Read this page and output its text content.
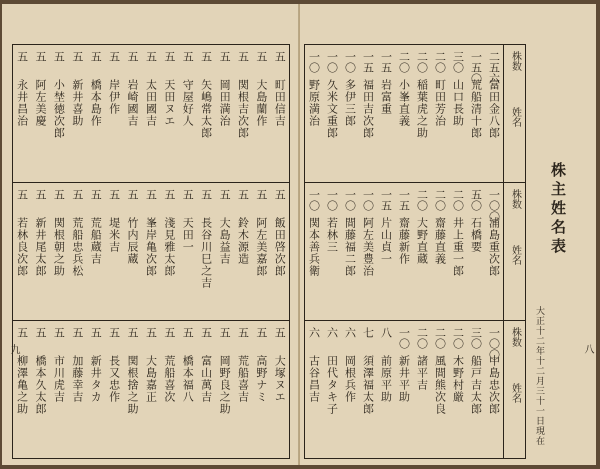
株数
姓名
二五六
富田金八郎
一五〇
荒船清十郎
三〇
山口長助
二〇
町田芳治
二〇
稲葉虎之助
二〇
小峯直義
一五
岩富重
一五
福田吉次郎
一〇
多伊三郎
一〇
久米文重郎
一〇
野原満治
株数
姓名
一〇〇
浦島重次郎
五〇
石橋要
二〇
井上重一郎
二〇
齋藤直義
二〇
大野直蔵
一五
齋藤新作
一五
片山貞一
一〇
阿左美豊治
一〇
間藤福二郎
一〇
若林三
一〇
関本善兵衛
株数
姓名
一〇〇
中島忠次郎
三〇
船戸吉太郎
二〇
木野村厳
二〇
風間熊次良
二〇
諸平吉
一〇
新井平助
八
前原平助
七
須澤福太郎
六
岡根兵作
六
田代タキ子
六
古谷昌吉
株主姓名表
大正十二年十二月三十一日現在	八
五
町田信吉
五
大島蘭作
五
関根吉次郎
五
岡田満治
五
矢嶋常太郎
五
守屋好人
五
天田ヌエ
五
太田國吉
五
岩崎國吉
五
岸伊作
五
橋本島作
五
新井喜助
五
小埜徳次郎
五
阿左美慶
五
永井昌治
五
飯田啓次郎
五
阿左美嘉郎
五
鈴木源造
五
大島益吉
五
長谷川巳之吉
五
天田一
五
淺見雅太郎
五
峯岸亀次郎
五
竹内辰蔵
五
堤米吉
五
荒船蔵吉
五
荒船忠兵松
五
関根朝之助
五
新井尾太郎
五
若林良次郎
五
大塚ヌエ
五
高野ナミ
五
荒船喜吉
五
岡野良之助
五
富山萬吉
五
橋本福八
五
荒船喜次
五
大島嘉正
五
関根捨之助
五
長又忠作
五
新井タカ
五
加藤幸吉
五
市川虎吉
五
橋本久太郎
五
柳澤亀之助
九
